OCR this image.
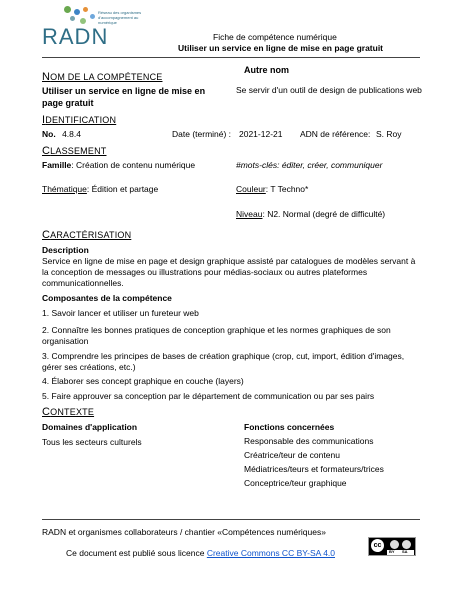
RADN
Réseau des organismes d'accompagnement au numérique
Fiche de compétence numérique
Utiliser un service en ligne de mise en page gratuit
NOM DE LA COMPÉTENCE
Utiliser un service en ligne de mise en page gratuit
Autre nom
Se servir d'un outil de design de publications web
IDENTIFICATION
No. 4.8.4	Date (terminé) : 2021-12-21 ADN de référence: S. Roy
CLASSEMENT
Famille: Création de contenu numérique	#mots-clés: éditer, créer, communiquer
Thématique: Édition et partage	Couleur: T Techno*
Niveau: N2. Normal (degré de difficulté)
CARACTÉRISATION
Description
Service en ligne de mise en page et design graphique assisté par catalogues de modèles servant à la conception de messages ou illustrations pour médias-sociaux ou autres plateformes communicationnelles.
Composantes de la compétence
1. Savoir lancer et utiliser un fureteur web
2. Connaître les bonnes pratiques de conception graphique et les normes graphiques de son organisation
3. Comprendre les principes de bases de création graphique (crop, cut, import, édition d'images, gérer ses créations, etc.)
4. Élaborer ses concept graphique en couche (layers)
5. Faire approuver sa conception par le département de communication ou par ses pairs
CONTEXTE
Domaines d'application
Tous les secteurs culturels
Fonctions concernées
Responsable des communications
Créatrice/teur de contenu
Médiatrices/teurs et formateurs/trices
Conceptrice/teur graphique
RADN et organismes collaborateurs / chantier «Compétences numériques»
Ce document est publié sous licence Creative Commons CC BY-SA 4.0
cc
BY SA
